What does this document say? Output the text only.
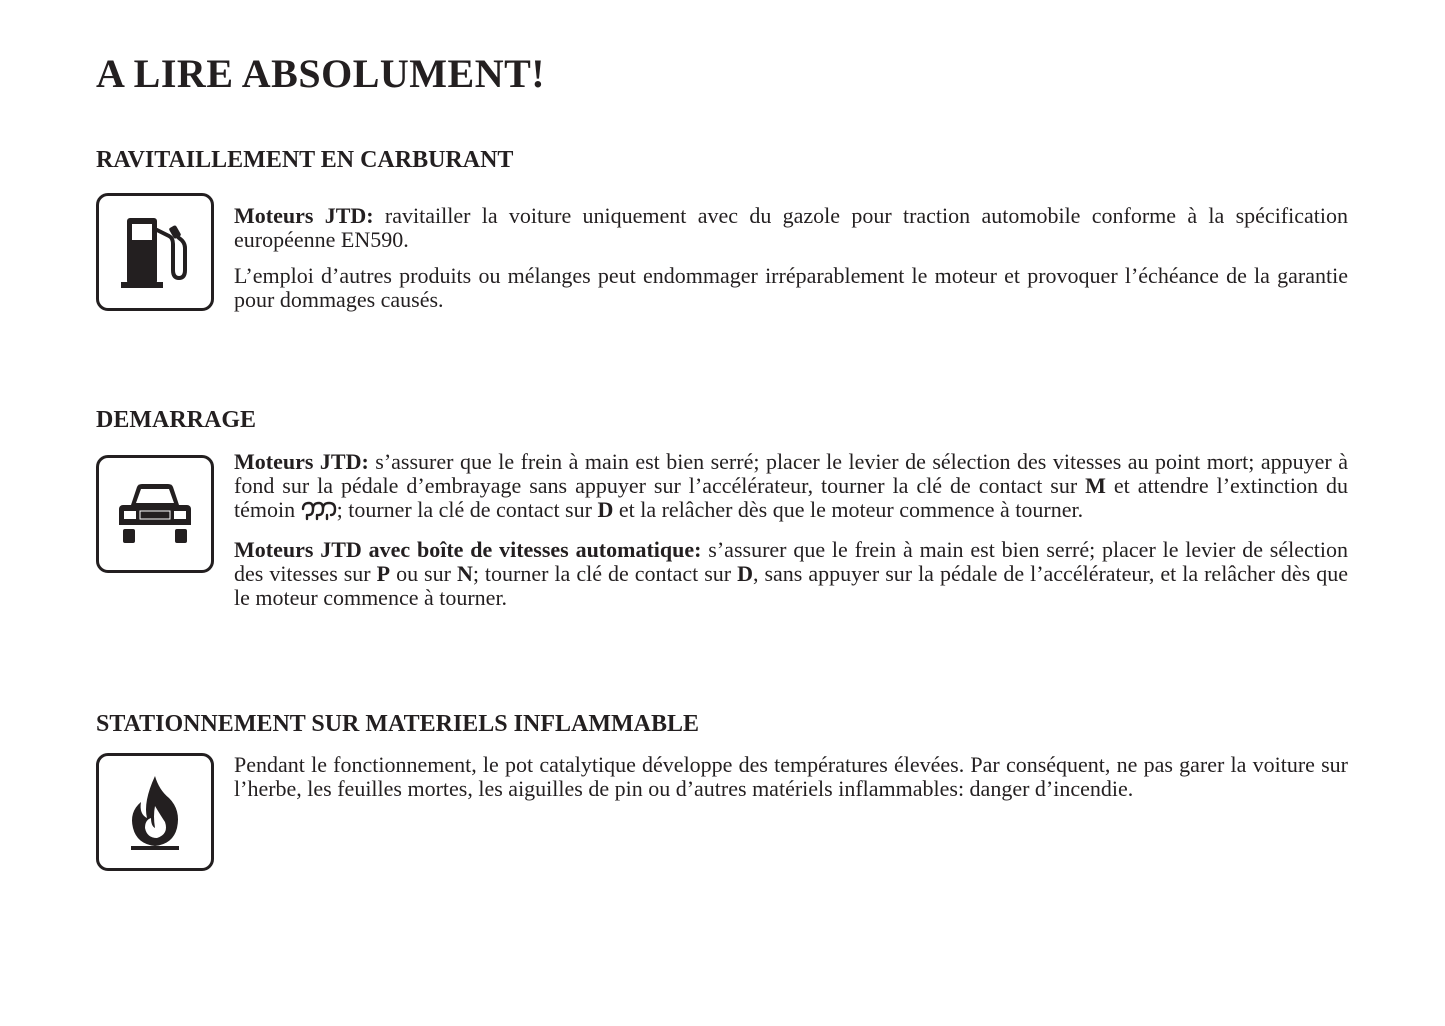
A LIRE ABSOLUMENT!
RAVITAILLEMENT EN CARBURANT

Moteurs JTD: ravitailler la voiture uniquement avec du gazole pour traction automobile conforme à la spécification européenne EN590.

L’emploi d’autres produits ou mélanges peut endommager irréparablement le moteur et provoquer l’échéance de la garantie pour dommages causés.

DEMARRAGE

Moteurs JTD: s’assurer que le frein à main est bien serré; placer le levier de sélection des vitesses au point mort; appuyer à fond sur la pédale d’embrayage sans appuyer sur l’accélérateur, tourner la clé de contact sur M et attendre l’extinction du témoin ; tourner la clé de contact sur D et la relâcher dès que le moteur commence à tourner.

Moteurs JTD avec boîte de vitesses automatique: s’assurer que le frein à main est bien serré; placer le levier de sélection des vitesses sur P ou sur N; tourner la clé de contact sur D, sans appuyer sur la pédale de l’accélérateur, et la relâcher dès que le moteur commence à tourner.

STATIONNEMENT SUR MATERIELS INFLAMMABLE

Pendant le fonctionnement, le pot catalytique développe des températures élevées. Par conséquent, ne pas garer la voiture sur l’herbe, les feuilles mortes, les aiguilles de pin ou d’autres matériels inflammables: danger d’incendie.
